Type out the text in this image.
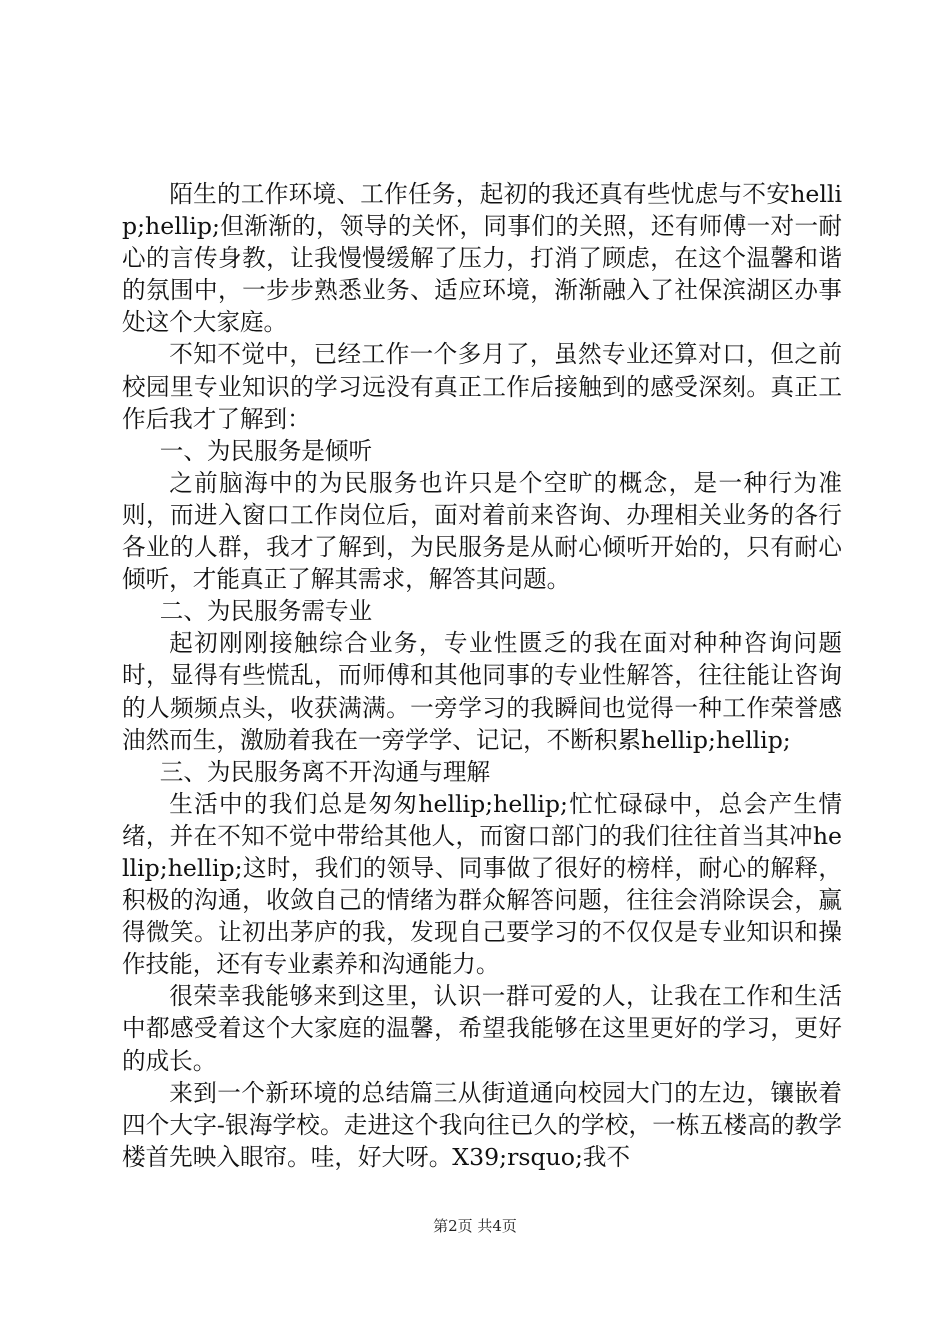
陌生的工作环境、工作任务，起初的我还真有些忧虑与不安hellip;hellip;但渐渐的，领导的关怀，同事们的关照，还有师傅一对一耐心的言传身教，让我慢慢缓解了压力，打消了顾虑，在这个温馨和谐的氛围中，一步步熟悉业务、适应环境，渐渐融入了社保滨湖区办事处这个大家庭。

不知不觉中，已经工作一个多月了，虽然专业还算对口，但之前校园里专业知识的学习远没有真正工作后接触到的感受深刻。真正工作后我才了解到：

一、为民服务是倾听

之前脑海中的为民服务也许只是个空旷的概念，是一种行为准则，而进入窗口工作岗位后，面对着前来咨询、办理相关业务的各行各业的人群，我才了解到，为民服务是从耐心倾听开始的，只有耐心倾听，才能真正了解其需求，解答其问题。

二、为民服务需专业

起初刚刚接触综合业务，专业性匮乏的我在面对种种咨询问题时，显得有些慌乱，而师傅和其他同事的专业性解答，往往能让咨询的人频频点头，收获满满。一旁学习的我瞬间也觉得一种工作荣誉感油然而生，激励着我在一旁学学、记记，不断积累hellip;hellip;

三、为民服务离不开沟通与理解

生活中的我们总是匆匆hellip;hellip;忙忙碌碌中，总会产生情绪，并在不知不觉中带给其他人，而窗口部门的我们往往首当其冲hellip;hellip;这时，我们的领导、同事做了很好的榜样，耐心的解释，积极的沟通，收敛自己的情绪为群众解答问题，往往会消除误会，赢得微笑。让初出茅庐的我，发现自己要学习的不仅仅是专业知识和操作技能，还有专业素养和沟通能力。

很荣幸我能够来到这里，认识一群可爱的人，让我在工作和生活中都感受着这个大家庭的温馨，希望我能够在这里更好的学习，更好的成长。

来到一个新环境的总结篇三从街道通向校园大门的左边，镶嵌着四个大字-银海学校。走进这个我向往已久的学校，一栋五楼高的教学楼首先映入眼帘。哇，好大呀。X39;rsquo;我不

第2页 共4页
